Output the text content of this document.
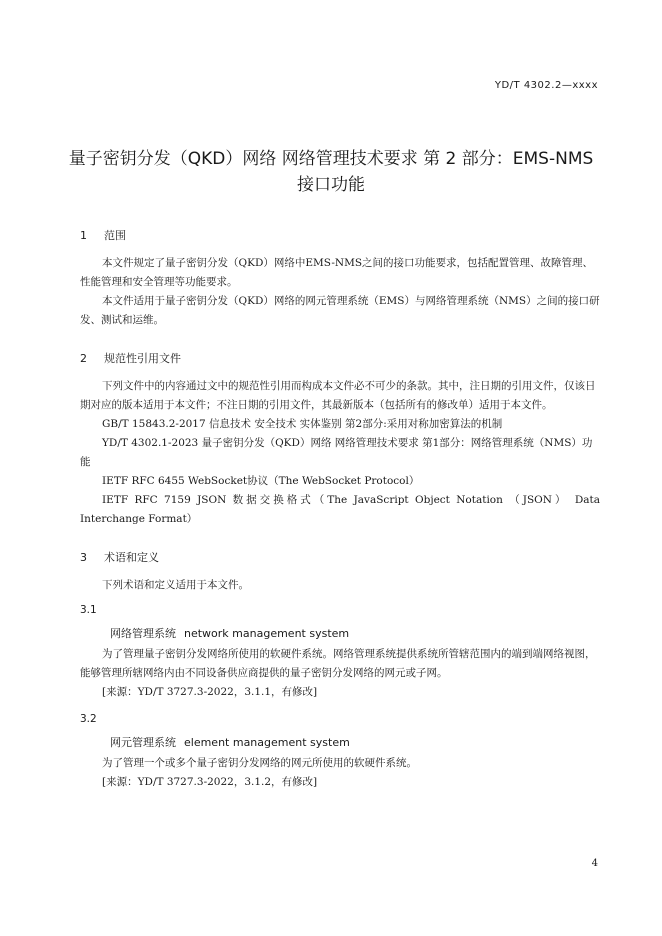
YD/T 4302.2—xxxx
量子密钥分发（QKD）网络 网络管理技术要求 第 2 部分：EMS-NMS
接口功能
1 范围

本文件规定了量子密钥分发（QKD）网络中EMS-NMS之间的接口功能要求，包括配置管理、故障管理、性能管理和安全管理等功能要求。

本文件适用于量子密钥分发（QKD）网络的网元管理系统（EMS）与网络管理系统（NMS）之间的接口研发、测试和运维。

2 规范性引用文件

下列文件中的内容通过文中的规范性引用而构成本文件必不可少的条款。其中，注日期的引用文件，仅该日期对应的版本适用于本文件；不注日期的引用文件，其最新版本（包括所有的修改单）适用于本文件。

GB/T 15843.2-2017 信息技术 安全技术 实体鉴别 第2部分:采用对称加密算法的机制

YD/T 4302.1-2023 量子密钥分发（QKD）网络 网络管理技术要求 第1部分：网络管理系统（NMS）功能

IETF RFC 6455 WebSocket协议（The WebSocket Protocol）

IETF RFC 7159 JSON 数据交换格式（The JavaScript Object Notation （JSON） Data

Interchange Format）

3 术语和定义

下列术语和定义适用于本文件。

3.1
网络管理系统 network management system

为了管理量子密钥分发网络所使用的软硬件系统。网络管理系统提供系统所管辖范围内的端到端网络视图，能够管理所辖网络内由不同设备供应商提供的量子密钥分发网络的网元或子网。

[来源：YD/T 3727.3-2022，3.1.1，有修改]

3.2
网元管理系统 element management system

为了管理一个或多个量子密钥分发网络的网元所使用的软硬件系统。

[来源：YD/T 3727.3-2022，3.1.2，有修改]

4
